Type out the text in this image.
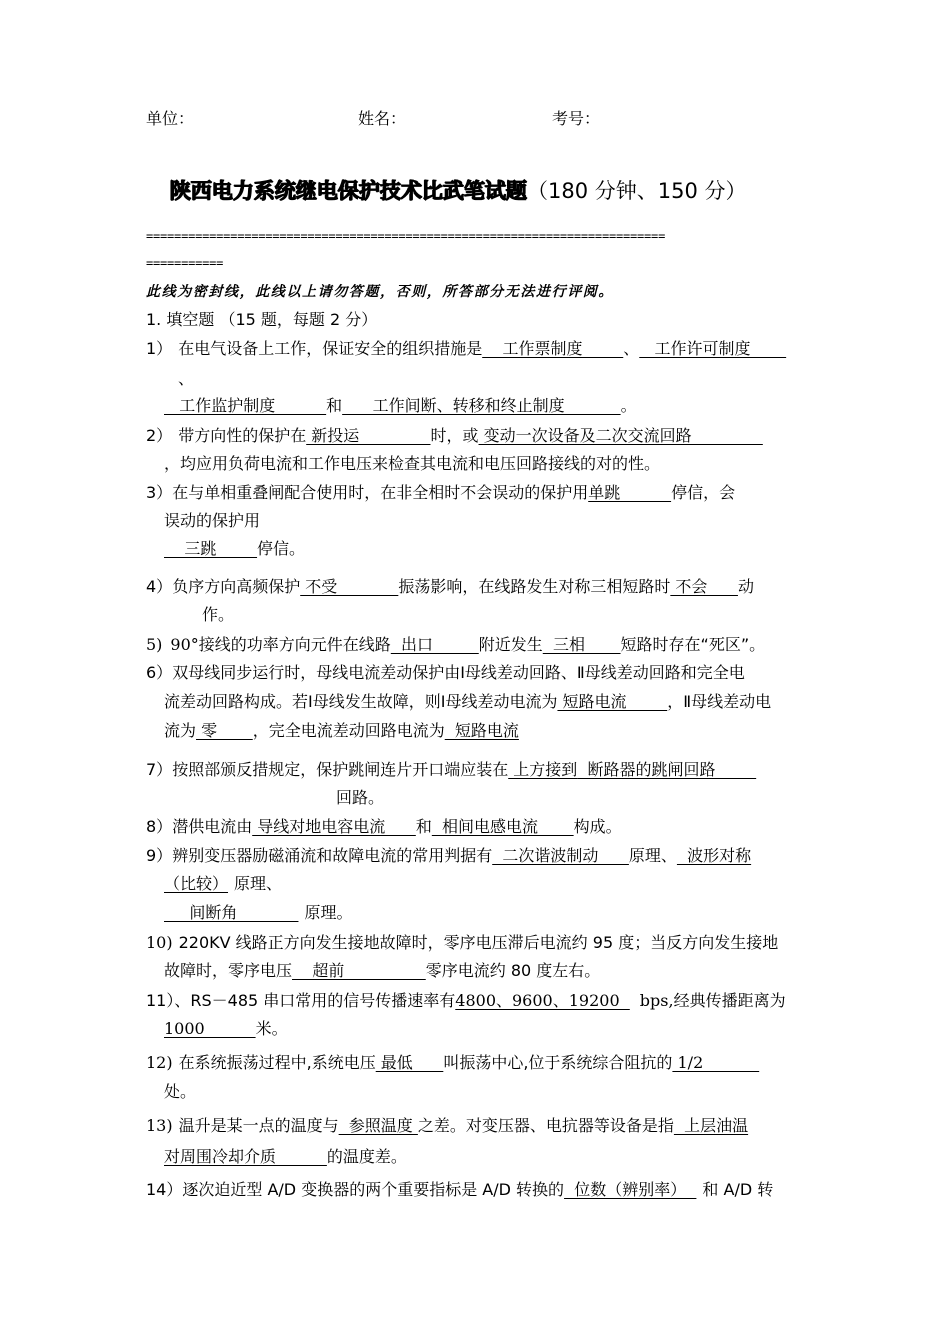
单位：	姓名：	考号：
陕西电力系统继电保护技术比武笔试题（180 分钟、150 分）
==========================================================================
===========
此线为密封线，此线以上请勿答题，否则，所答部分无法进行评阅。
1. 填空题 （15 题，每题 2 分）
1） 在电气设备上工作，保证安全的组织措施是    工作票制度        、   工作许可制度
、
工作监护制度          和      工作间断、转移和终止制度           。
2） 带方向性的保护在 新投运              时，或 变动一次设备及二次交流回路
，均应用负荷电流和工作电压来检查其电流和电压回路接线的对的性。
3）在与单相重叠闸配合使用时，在非全相时不会误动的保护用单跳          停信，会
误动的保护用
三跳        停信。
4）负序方向高频保护 不受            振荡影响，在线路发生对称三相短路时 不会      动
作。
5) 90°接线的功率方向元件在线路  出口         附近发生  三相       短路时存在“死区”。
6）双母线同步运行时，母线电流差动保护由Ⅰ母线差动回路、Ⅱ母线差动回路和完全电
流差动回路构成。若Ⅰ母线发生故障，则Ⅰ母线差动电流为 短路电流        ，Ⅱ母线差动电
流为 零       ，完全电流差动回路电流为  短路电流
7）按照部颁反措规定，保护跳闸连片开口端应装在 上方接到  断路器的跳闸回路
回路。
8）潜供电流由 导线对地电容电流      和  相间电感电流       构成。
9）辨别变压器励磁涌流和故障电流的常用判据有  二次谐波制动      原理、  波形对称
（比较） 原理、
间断角            原理。
10) 220KV 线路正方向发生接地故障时，零序电压滞后电流约 95 度；当反方向发生接地
故障时，零序电压    超前                零序电流约 80 度左右。
11）、RS－485 串口常用的信号传播速率有4800、9600、19200  bps,经典传播距离为
1000          米。
12) 在系统振荡过程中,系统电压 最低      叫振荡中心,位于系统综合阻抗的 1/2
处。
13) 温升是某一点的温度与  参照温度 之差。对变压器、电抗器等设备是指  上层油温
对周围冷却介质          的温度差。
14）逐次迫近型 A/D 变换器的两个重要指标是 A/D 转换的  位数（辨别率）  和 A/D 转
